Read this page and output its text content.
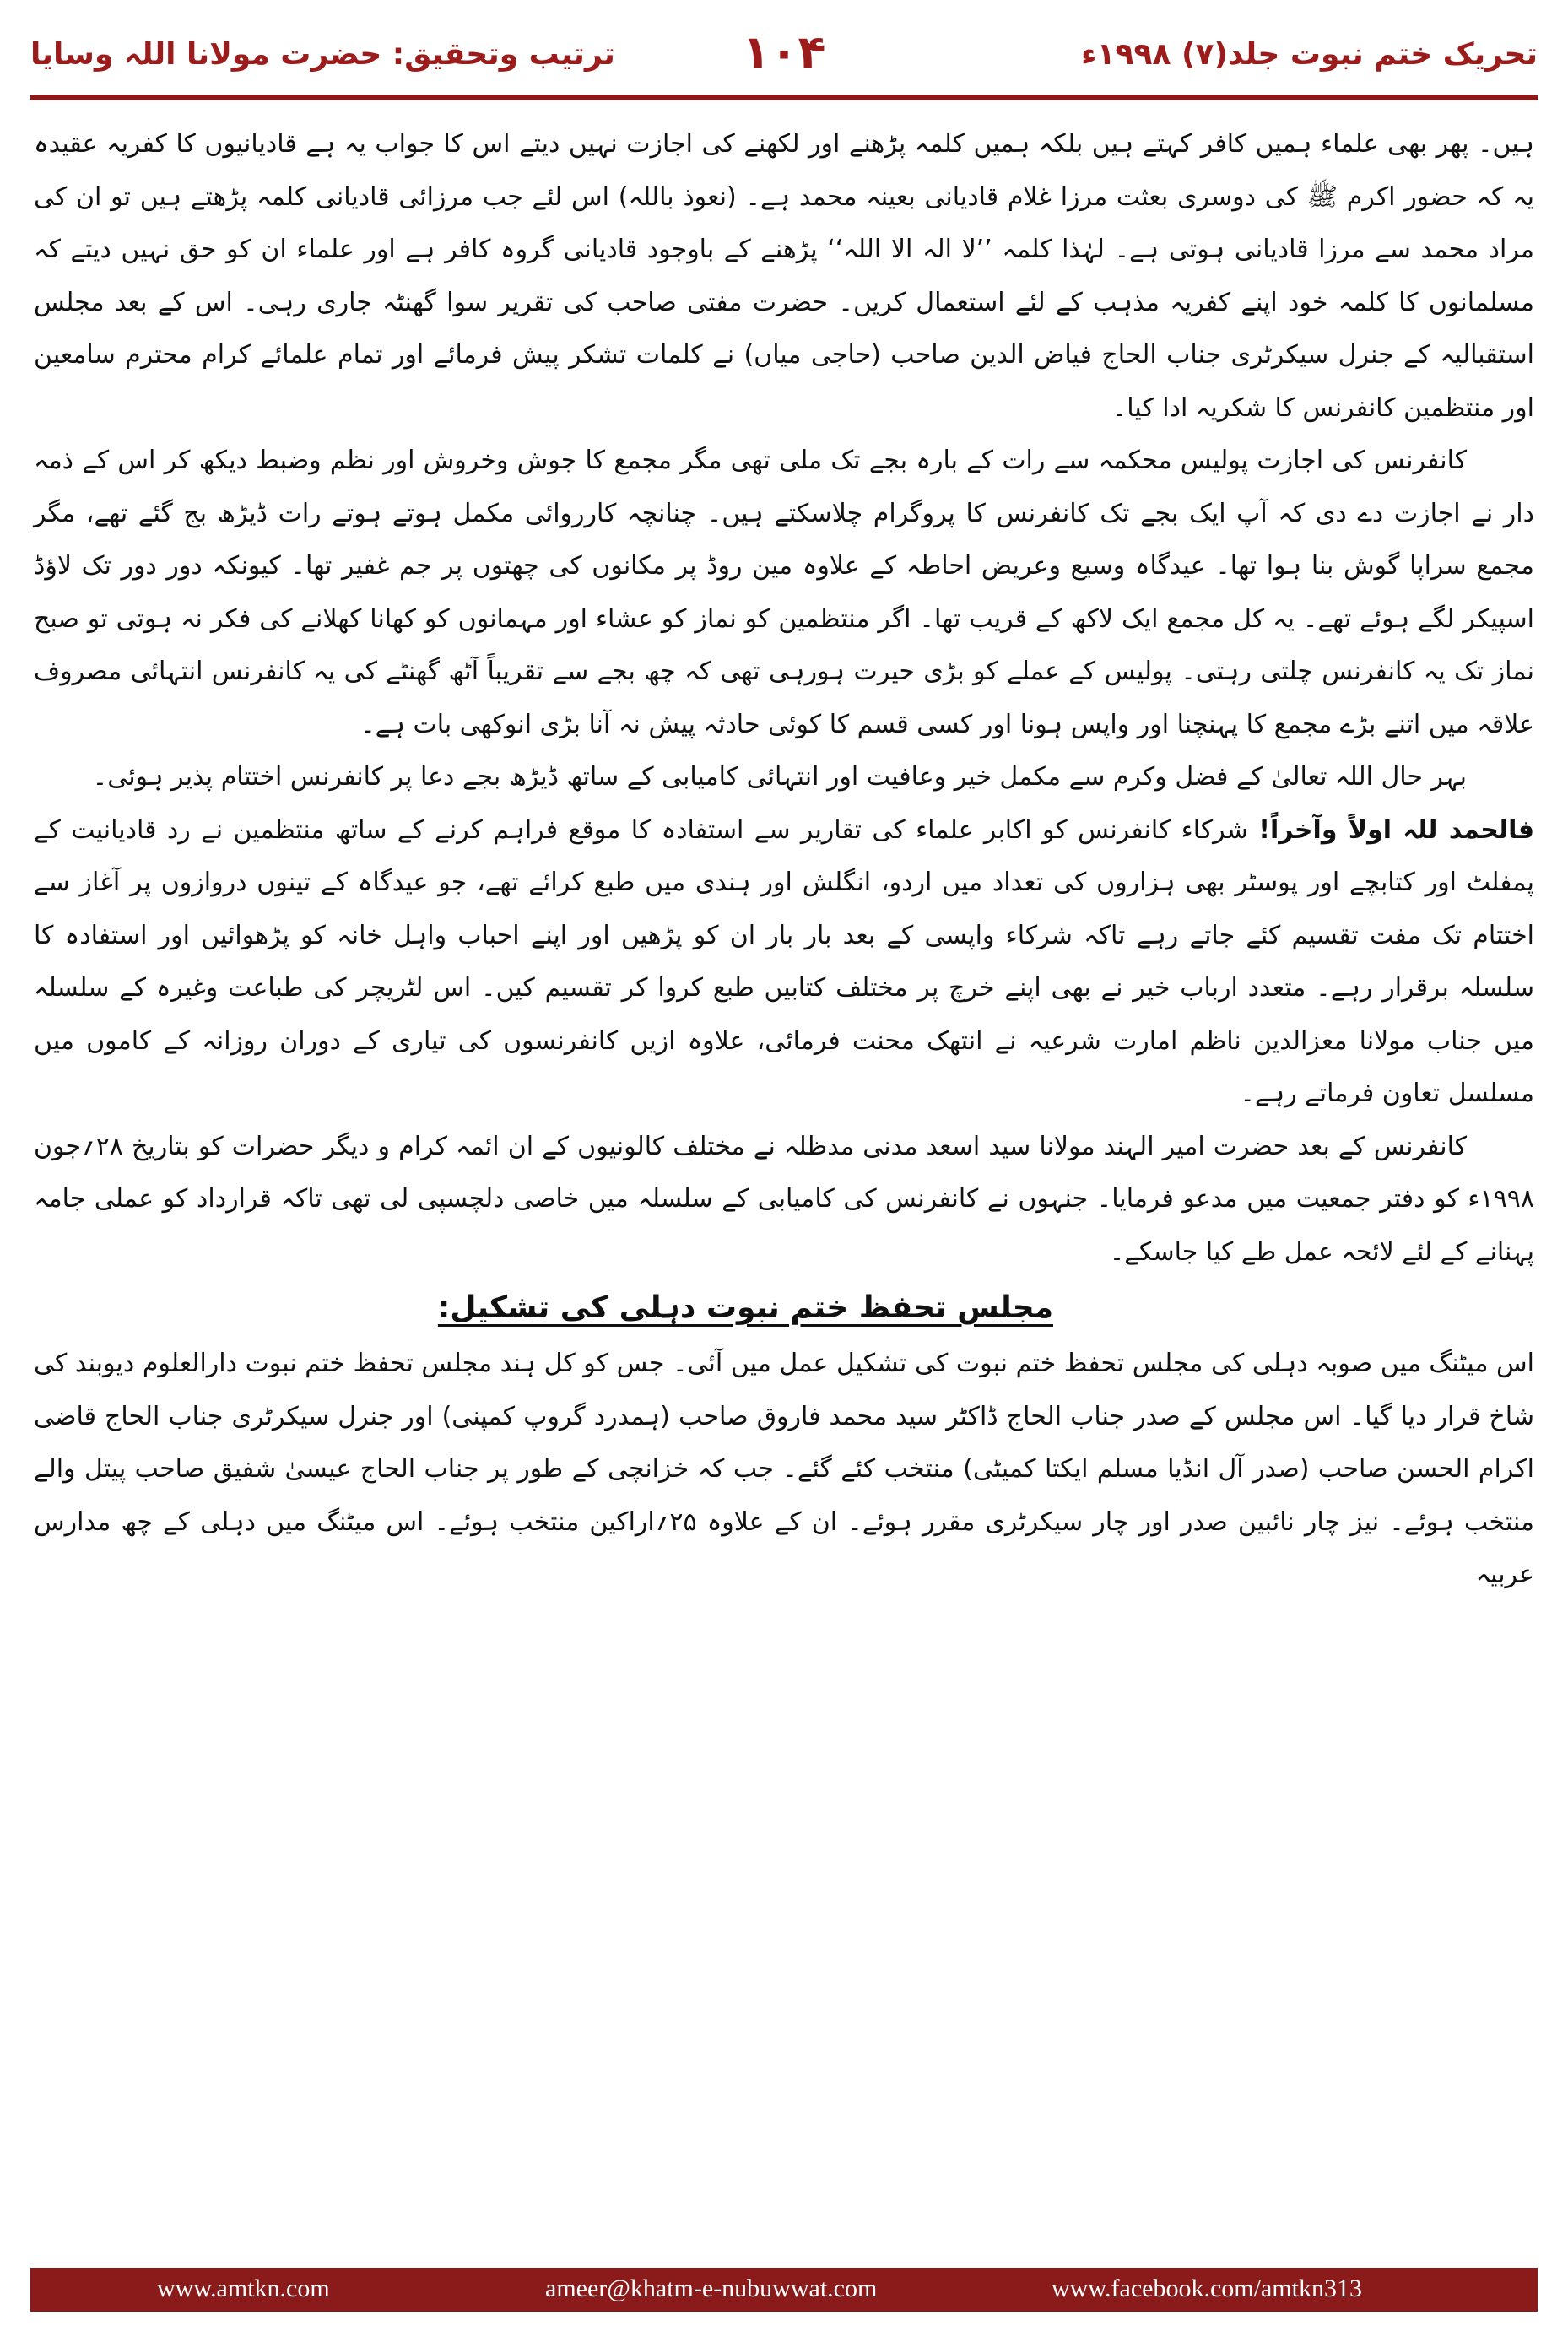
تحریک ختم نبوت جلد(۷) ۱۹۹۸ء
۱۰۴
ترتیب وتحقیق: حضرت مولانا اللہ وسایا

ہیں۔ پھر بھی علماء ہمیں کافر کہتے ہیں بلکہ ہمیں کلمہ پڑھنے اور لکھنے کی اجازت نہیں دیتے اس کا جواب یہ ہے قادیانیوں کا کفریہ عقیدہ یہ کہ حضور اکرم ﷺ کی دوسری بعثت مرزا غلام قادیانی بعینہ محمد ہے۔ (نعوذ باللہ) اس لئے جب مرزائی قادیانی کلمہ پڑھتے ہیں تو ان کی مراد محمد سے مرزا قادیانی ہوتی ہے۔ لہٰذا کلمہ ’’لا الہ الا اللہ‘‘ پڑھنے کے باوجود قادیانی گروہ کافر ہے اور علماء ان کو حق نہیں دیتے کہ مسلمانوں کا کلمہ خود اپنے کفریہ مذہب کے لئے استعمال کریں۔ حضرت مفتی صاحب کی تقریر سوا گھنٹہ جاری رہی۔ اس کے بعد مجلس استقبالیہ کے جنرل سیکرٹری جناب الحاج فیاض الدین صاحب (حاجی میاں) نے کلمات تشکر پیش فرمائے اور تمام علمائے کرام محترم سامعین اور منتظمین کانفرنس کا شکریہ ادا کیا۔

کانفرنس کی اجازت پولیس محکمہ سے رات کے بارہ بجے تک ملی تھی مگر مجمع کا جوش وخروش اور نظم وضبط دیکھ کر اس کے ذمہ دار نے اجازت دے دی کہ آپ ایک بجے تک کانفرنس کا پروگرام چلاسکتے ہیں۔ چنانچہ کارروائی مکمل ہوتے ہوتے رات ڈیڑھ بج گئے تھے، مگر مجمع سراپا گوش بنا ہوا تھا۔ عیدگاہ وسیع وعریض احاطہ کے علاوہ مین روڈ پر مکانوں کی چھتوں پر جم غفیر تھا۔ کیونکہ دور دور تک لاؤڈ اسپیکر لگے ہوئے تھے۔ یہ کل مجمع ایک لاکھ کے قریب تھا۔ اگر منتظمین کو نماز کو عشاء اور مہمانوں کو کھانا کھلانے کی فکر نہ ہوتی تو صبح نماز تک یہ کانفرنس چلتی رہتی۔ پولیس کے عملے کو بڑی حیرت ہورہی تھی کہ چھ بجے سے تقریباً آٹھ گھنٹے کی یہ کانفرنس انتہائی مصروف علاقہ میں اتنے بڑے مجمع کا پہنچنا اور واپس ہونا اور کسی قسم کا کوئی حادثہ پیش نہ آنا بڑی انوکھی بات ہے۔

بہر حال اللہ تعالیٰ کے فضل وکرم سے مکمل خیر وعافیت اور انتہائی کامیابی کے ساتھ ڈیڑھ بجے دعا پر کانفرنس اختتام پذیر ہوئی۔

فالحمد للہ اولاً وآخراً! شرکاء کانفرنس کو اکابر علماء کی تقاریر سے استفادہ کا موقع فراہم کرنے کے ساتھ منتظمین نے رد قادیانیت کے پمفلٹ اور کتابچے اور پوسٹر بھی ہزاروں کی تعداد میں اردو، انگلش اور ہندی میں طبع کرائے تھے، جو عیدگاہ کے تینوں دروازوں پر آغاز سے اختتام تک مفت تقسیم کئے جاتے رہے تاکہ شرکاء واپسی کے بعد بار بار ان کو پڑھیں اور اپنے احباب واہل خانہ کو پڑھوائیں اور استفادہ کا سلسلہ برقرار رہے۔ متعدد ارباب خیر نے بھی اپنے خرچ پر مختلف کتابیں طبع کروا کر تقسیم کیں۔ اس لٹریچر کی طباعت وغیرہ کے سلسلہ میں جناب مولانا معزالدین ناظم امارت شرعیہ نے انتھک محنت فرمائی، علاوہ ازیں کانفرنسوں کی تیاری کے دوران روزانہ کے کاموں میں مسلسل تعاون فرماتے رہے۔

کانفرنس کے بعد حضرت امیر الہند مولانا سید اسعد مدنی مدظلہ نے مختلف کالونیوں کے ان ائمہ کرام و دیگر حضرات کو بتاریخ ۲۸؍جون ۱۹۹۸ء کو دفتر جمعیت میں مدعو فرمایا۔ جنہوں نے کانفرنس کی کامیابی کے سلسلہ میں خاصی دلچسپی لی تھی تاکہ قرارداد کو عملی جامہ پہنانے کے لئے لائحہ عمل طے کیا جاسکے۔

مجلس تحفظ ختم نبوت دہلی کی تشکیل:

اس میٹنگ میں صوبہ دہلی کی مجلس تحفظ ختم نبوت کی تشکیل عمل میں آئی۔ جس کو کل ہند مجلس تحفظ ختم نبوت دارالعلوم دیوبند کی شاخ قرار دیا گیا۔ اس مجلس کے صدر جناب الحاج ڈاکٹر سید محمد فاروق صاحب (ہمدرد گروپ کمپنی) اور جنرل سیکرٹری جناب الحاج قاضی اکرام الحسن صاحب (صدر آل انڈیا مسلم ایکتا کمیٹی) منتخب کئے گئے۔ جب کہ خزانچی کے طور پر جناب الحاج عیسیٰ شفیق صاحب پیتل والے منتخب ہوئے۔ نیز چار نائبین صدر اور چار سیکرٹری مقرر ہوئے۔ ان کے علاوہ ۲۵؍اراکین منتخب ہوئے۔ اس میٹنگ میں دہلی کے چھ مدارس عربیہ

www.amtkn.com	ameer@khatm-e-nubuwwat.com	www.facebook.com/amtkn313
